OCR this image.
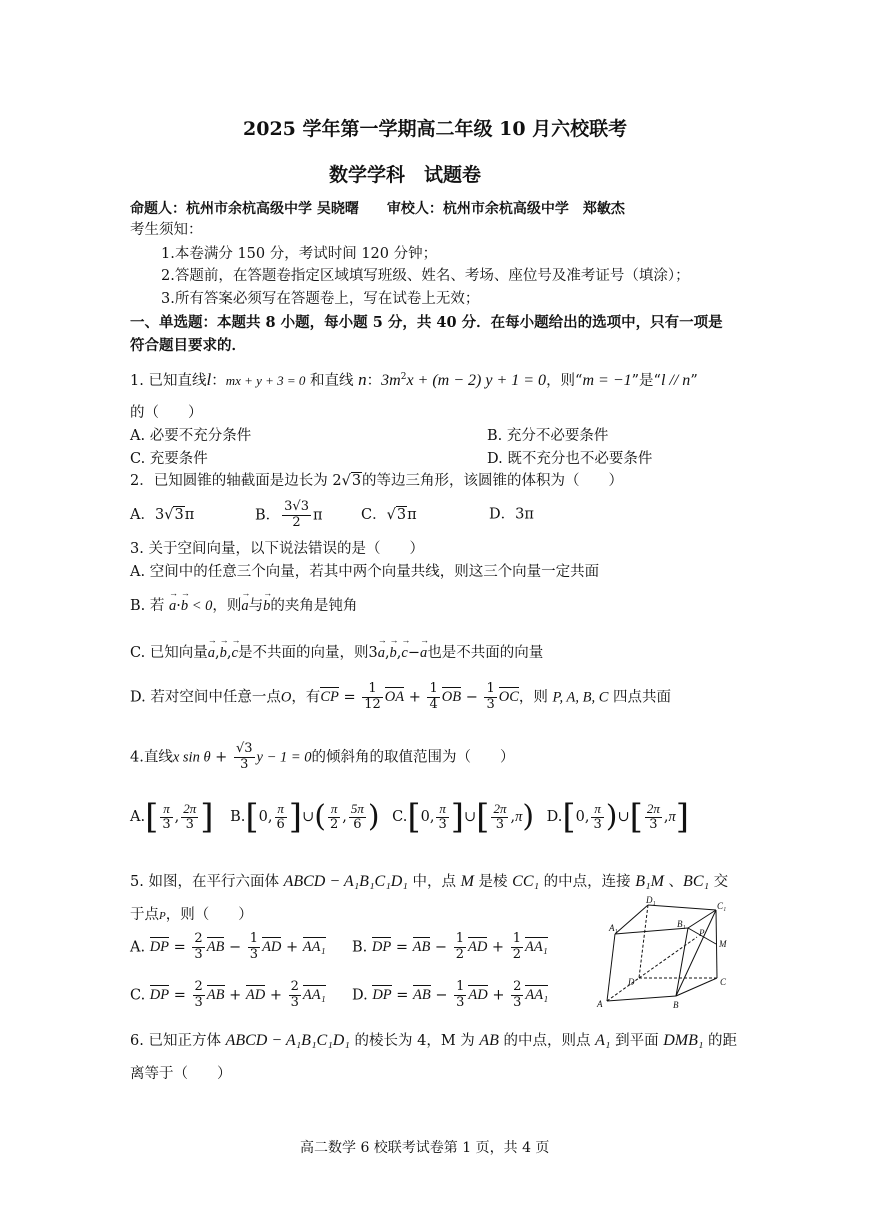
2025 学年第一学期高二年级 10 月六校联考
数学学科　试题卷
命题人：杭州市余杭高级中学 吴晓曙　　审校人：杭州市余杭高级中学　郑敏杰
考生须知：
1.本卷满分 150 分，考试时间 120 分钟；
2.答题前，在答题卷指定区域填写班级、姓名、考场、座位号及准考证号（填涂）；
3.所有答案必须写在答题卷上，写在试卷上无效；
一、单选题：本题共 8 小题，每小题 5 分，共 40 分．在每小题给出的选项中，只有一项是
符合题目要求的．
1. 已知直线l：mx + y + 3 = 0 和直线 n：$3m^2x + (m - 2) y + 1 = 0$，则“m = −1”是“l // n”
的（　　）
A. 必要不充分条件	B. 充分不必要条件
C. 充要条件	D. 既不充分也不必要条件
2．已知圆锥的轴截面是边长为 2√3的等边三角形，该圆锥的体积为（　　）
A．3√3π	B． $\frac{3√3}{2}$ π	C．√3π	D．3π
3. 关于空间向量，以下说法错误的是（　　）
A. 空间中的任意三个向量，若其中两个向量共线，则这三个向量一定共面
B. 若 a →·b → < 0，则a →与b →的夹角是钝角
C. 已知向量a →,b →,c →是不共面的向量，则3a →,b →,c →−a →也是不共面的向量
D. 若对空间中任意一点O，有CP = $\frac{1}{12}$ OA + $\frac{1}{4}$ OB − $\frac{1}{3}$ OC，则 P, A, B, C 四点共面
4.直线x $\sin \theta + \frac{√3}{3}$ y − 1 = 0的倾斜角的取值范围为（　　）
$A.[ \frac{\pi}{3}$ , $\frac{2\pi}{3}$ ] B.[0, $\frac{\pi}{6}$ ]∪( $\frac{\pi}{2}$ , $\frac{5\pi}{6}$ ) C.[0, $\frac{\pi}{3}$ ]∪[ $\frac{2\pi}{3} ,\pi$) D.[0, $\frac{\pi}{3}$ )∪[ $\frac{2\pi}{3} ,\pi$]
5. 如图，在平行六面体 ABCD − A₁B₁C₁D₁ 中，点 M 是棱 CC₁ 的中点，连接 B₁M 、BC₁ 交
于点P，则（　　）
A. DP = $\frac{2}{3}$ AB − $\frac{1}{3}$ AD + AA₁ B. DP = AB − $\frac{1}{2}$ AD + $\frac{1}{2} AA_1$
C. DP = $\frac{2}{3}$ AB + AD + $\frac{2}{3} AA_1$ D. DP = AB − $\frac{1}{3}$ AD + $\frac{2}{3} AA_1$
A	B
C
D
A₁	B₁
C₁
D₁
M
P
6. 已知正方体 ABCD − A₁B₁C₁D₁ 的棱长为 4，M 为 AB 的中点，则点 A₁ 到平面 DMB₁ 的距
离等于（　　）
高二数学 6 校联考试卷第 1 页，共 4 页
